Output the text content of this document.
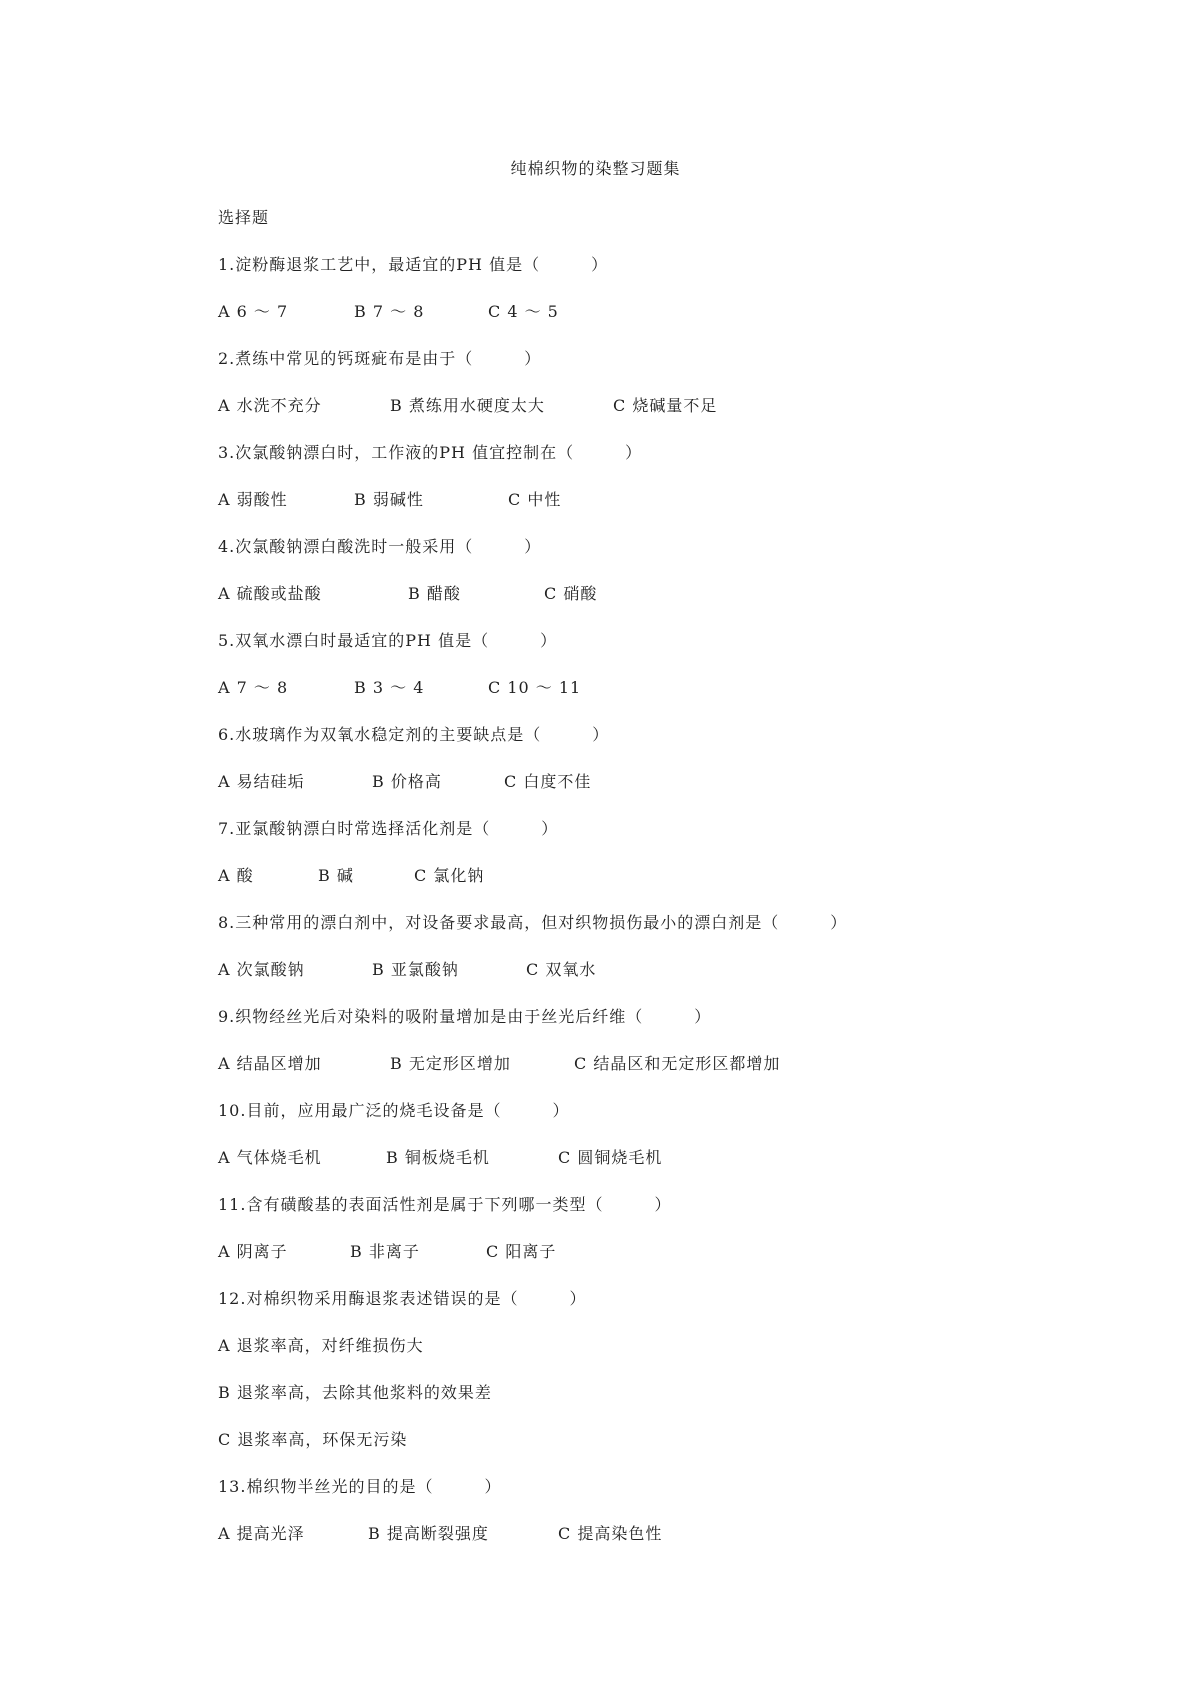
纯棉织物的染整习题集
选择题
1.淀粉酶退浆工艺中，最适宜的PH 值是（　　　）
A 6 ～ 7	B 7 ～ 8	C 4 ～ 5
2.煮练中常见的钙斑疵布是由于（　　　）
A 水洗不充分	B 煮练用水硬度太大	C 烧碱量不足
3.次氯酸钠漂白时，工作液的PH 值宜控制在（　　　）
A 弱酸性	B 弱碱性	C 中性
4.次氯酸钠漂白酸洗时一般采用（　　　）
A 硫酸或盐酸	B 醋酸	C 硝酸
5.双氧水漂白时最适宜的PH 值是（　　　）
A 7 ～ 8	B 3 ～ 4	C 10 ～ 11
6.水玻璃作为双氧水稳定剂的主要缺点是（　　　）
A 易结硅垢	B 价格高	C 白度不佳
7.亚氯酸钠漂白时常选择活化剂是（　　　）
A 酸	B 碱	C 氯化钠
8.三种常用的漂白剂中，对设备要求最高，但对织物损伤最小的漂白剂是（　　　）
A 次氯酸钠	B 亚氯酸钠	C 双氧水
9.织物经丝光后对染料的吸附量增加是由于丝光后纤维（　　　）
A 结晶区增加	B 无定形区增加	C 结晶区和无定形区都增加
10.目前，应用最广泛的烧毛设备是（　　　）
A 气体烧毛机	B 铜板烧毛机	C 圆铜烧毛机
11.含有磺酸基的表面活性剂是属于下列哪一类型（　　　）
A 阴离子	B 非离子	C 阳离子
12.对棉织物采用酶退浆表述错误的是（　　　）
A 退浆率高，对纤维损伤大
B 退浆率高，去除其他浆料的效果差
C 退浆率高，环保无污染
13.棉织物半丝光的目的是（　　　）
A 提高光泽	B 提高断裂强度	C 提高染色性
